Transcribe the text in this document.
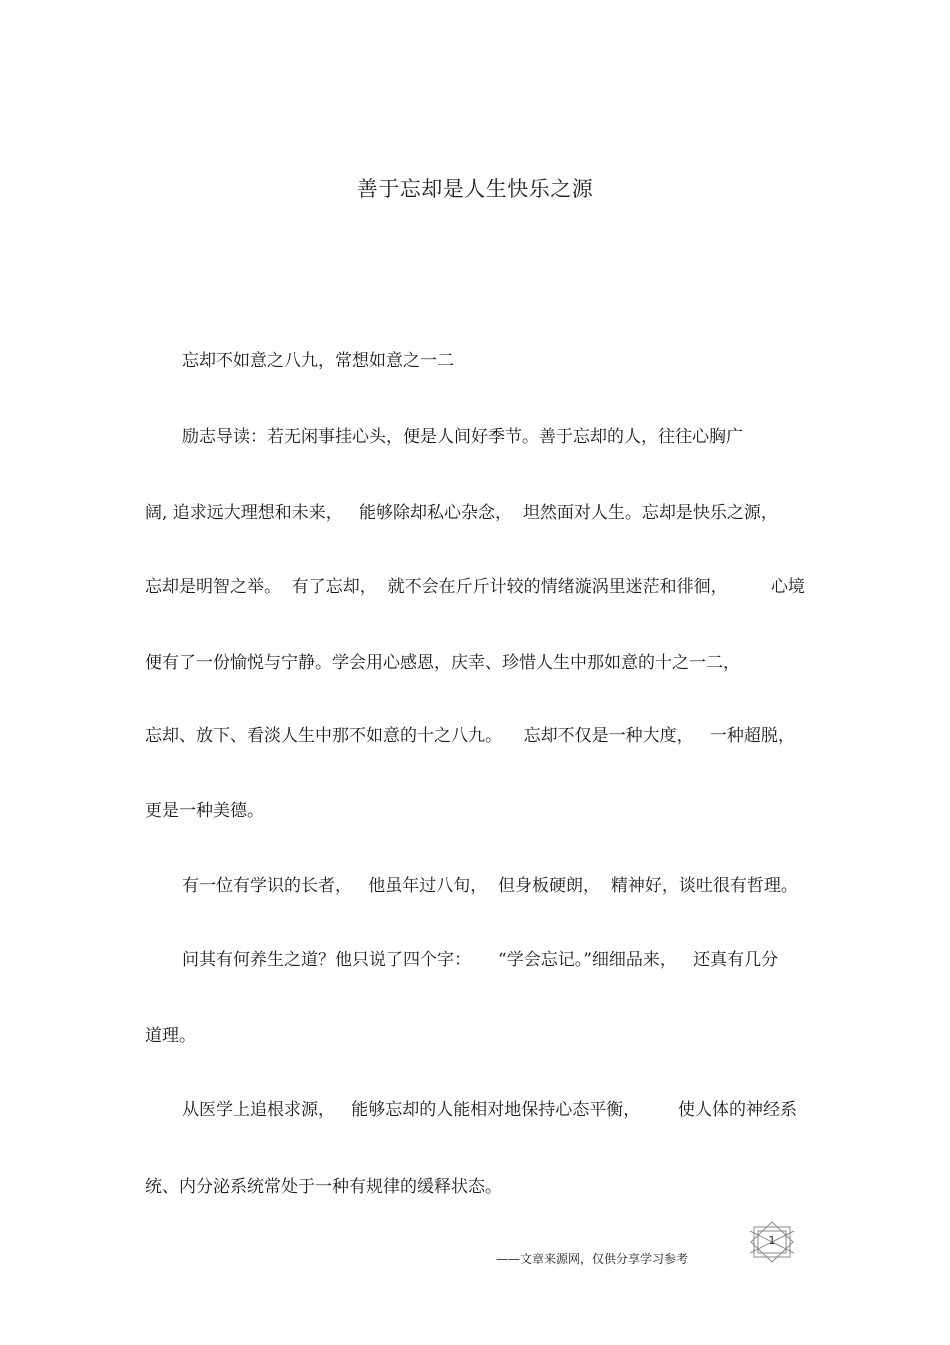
善于忘却是人生快乐之源

忘却不如意之八九，常想如意之一二

励志导读：若无闲事挂心头，便是人间好季节。善于忘却的人，往往心胸广

阔, 追求远大理想和未来，   能够除却私心杂念，  坦然面对人生。忘却是快乐之源，

忘却是明智之举。  有了忘却，  就不会在斤斤计较的情绪漩涡里迷茫和徘徊，        心境

便有了一份愉悦与宁静。学会用心感恩，庆幸、珍惜人生中那如意的十之一二，

忘却、放下、看淡人生中那不如意的十之八九。    忘却不仅是一种大度，   一种超脱，

更是一种美德。

有一位有学识的长者，   他虽年过八旬，  但身板硬朗，  精神好，谈吐很有哲理。

问其有何养生之道？他只说了四个字：     “学会忘记。”细细品来，   还真有几分

道理。

从医学上追根求源，   能够忘却的人能相对地保持心态平衡，       使人体的神经系

统、内分泌系统常处于一种有规律的缓释状态。

——文章来源网，仅供分享学习参考
1
